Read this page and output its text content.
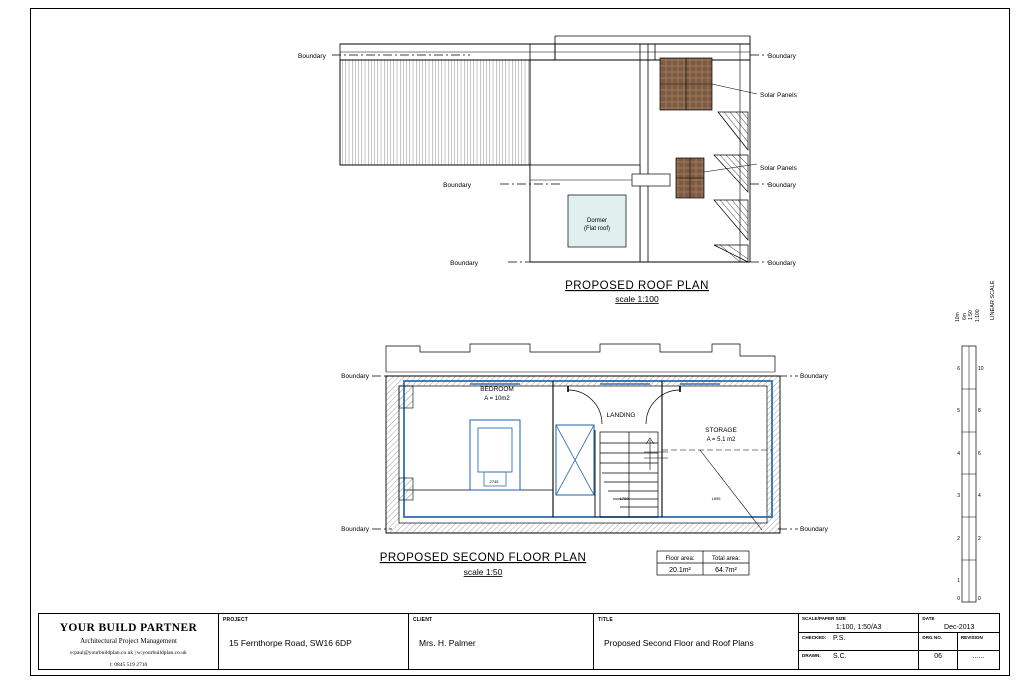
Dormer
(Flat roof)
Boundary
Boundary
Boundary
Boundary
Boundary
Boundary
Solar Panels
Solar Panels
PROPOSED ROOF PLAN
scale 1:100
2745
1700	1895
BEDROOM
A = 10m2
LANDING
STORAGE
A = 5.1 m2
Boundary
Boundary
Boundary
Boundary
PROPOSED SECOND FLOOR PLAN
scale 1:50
Floor area:	Total area:
20.1m²	64.7m²
LINEAR SCALE
1:50 1:100
6m
10m
6
5
4
3
2
1
0
10
8
6
4
2
0
YOUR BUILD PARTNER
Architectural Project Management
e:paul@yourbuildplan.co.uk | w:yourbuildplan.co.uk
t: 0845 519 2710
PROJECT
15 Fernthorpe Road, SW16 6DP
CLIENT
Mrs. H. Palmer
TITLE
Proposed Second Floor and Roof Plans
SCALE/PAPER SIZE
1:100, 1:50/A3
DATE
Dec-2013
CHECKED: P.S.	DRG NO.	REVISION
DRAWN: S.C.	06	......
